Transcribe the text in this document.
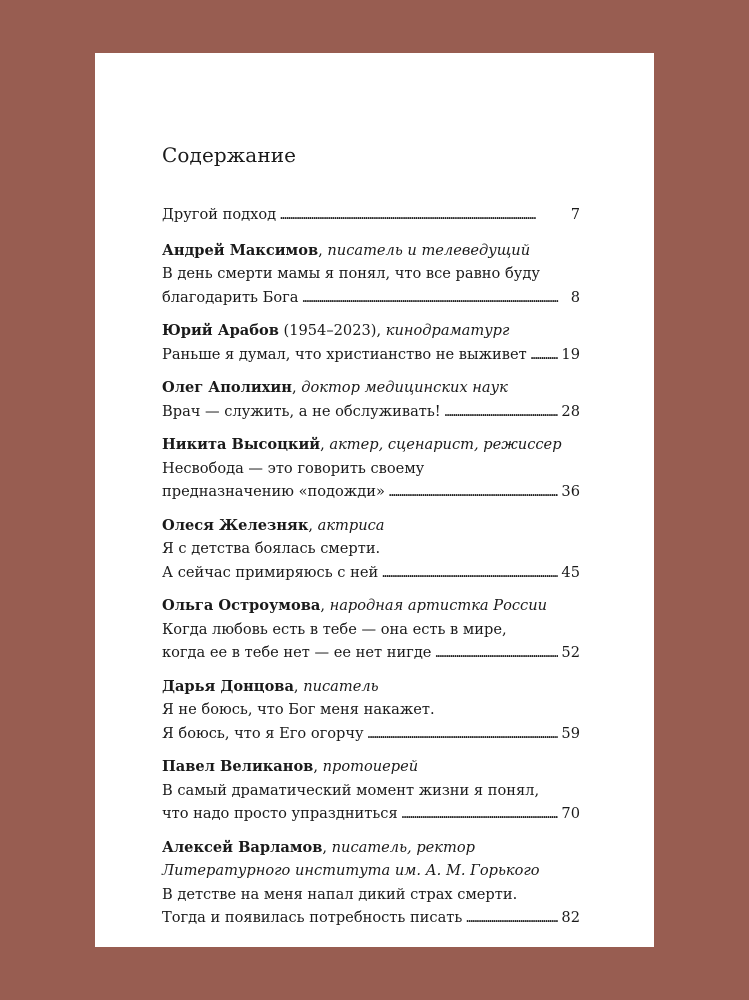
Содержание
Другой подход . . .	7
Андрей Максимов, писатель и телеведущий
В день смерти мамы я понял, что все равно буду
благодарить Бога . . .	8
Юрий Арабов (1954–2023), кинодраматург
Раньше я думал, что христианство не выживет . . . 19
Олег Аполихин, доктор медицинских наук
Врач — служить, а не обслуживать! . . .	28
Никита Высоцкий, актер, сценарист, режиссер
Несвобода — это говорить своему
предназначению «подожди» . . .	36
Олеся Железняк, актриса
Я с детства боялась смерти.
А сейчас примиряюсь с ней . . .	45
Ольга Остроумова, народная артистка России
Когда любовь есть в тебе — она есть в мире,
когда ее в тебе нет — ее нет нигде . . .	52
Дарья Донцова, писатель
Я не боюсь, что Бог меня накажет.
Я боюсь, что я Его огорчу . . .	59
Павел Великанов, протоиерей
В самый драматический момент жизни я понял,
что надо просто упраздниться . . .	70
Алексей Варламов, писатель, ректор
Литературного института им. А. М. Горького
В детстве на меня напал дикий страх смерти.
Тогда и появилась потребность писать . . .	82
